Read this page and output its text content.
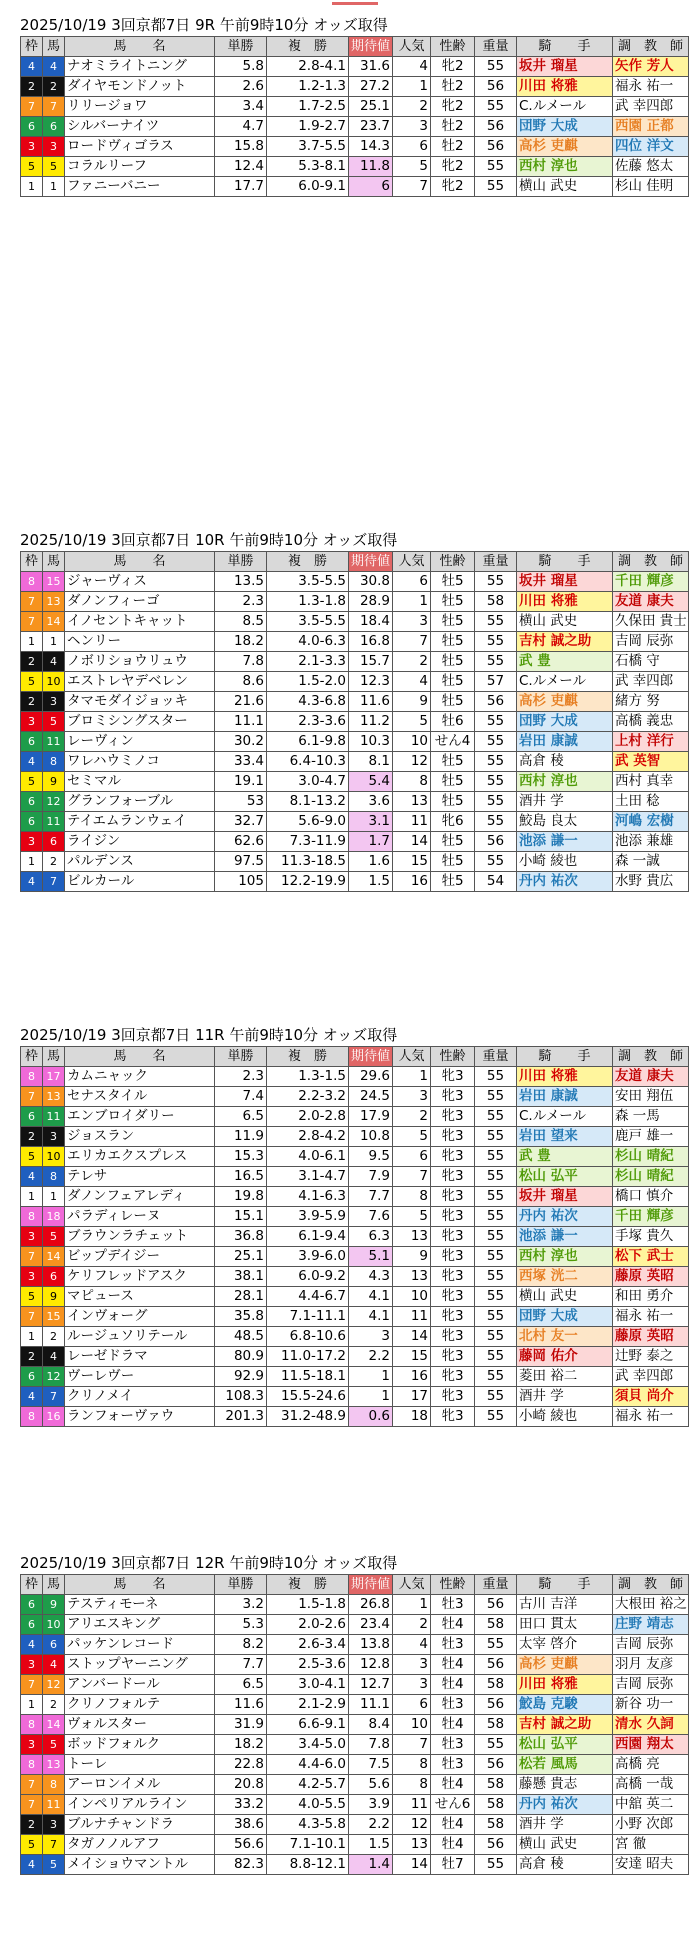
2025/10/19 3回京都7日 9R 午前9時10分 オッズ取得
枠	馬	馬　　名	単勝	複　勝	期待値	人気	性齢	重量	騎　　手	調　教　師
4	4	ナオミライトニング	5.8	2.8-4.1	31.6	4	牝2	55	坂井 瑠星	矢作 芳人
2	2	ダイヤモンドノット	2.6	1.2-1.3	27.2	1	牡2	56	川田 将雅	福永 祐一
7	7	リリージョワ	3.4	1.7-2.5	25.1	2	牝2	55	C.ルメール	武 幸四郎
6	6	シルバーナイツ	4.7	1.9-2.7	23.7	3	牡2	56	団野 大成	西園 正都
3	3	ロードヴィゴラス	15.8	3.7-5.5	14.3	6	牡2	56	高杉 吏麒	四位 洋文
5	5	コラルリーフ	12.4	5.3-8.1	11.8	5	牝2	55	西村 淳也	佐藤 悠太
1	1	ファニーバニー	17.7	6.0-9.1	6	7	牝2	55	横山 武史	杉山 佳明
2025/10/19 3回京都7日 10R 午前9時10分 オッズ取得
枠	馬	馬　　名	単勝	複　勝	期待値	人気	性齢	重量	騎　　手	調　教　師
8	15	ジャーヴィス	13.5	3.5-5.5	30.8	6	牡5	55	坂井 瑠星	千田 輝彦
7	13	ダノンフィーゴ	2.3	1.3-1.8	28.9	1	牡5	58	川田 将雅	友道 康夫
7	14	イノセントキャット	8.5	3.5-5.5	18.4	3	牡5	55	横山 武史	久保田 貴士
1	1	ヘンリー	18.2	4.0-6.3	16.8	7	牡5	55	吉村 誠之助	吉岡 辰弥
2	4	ノボリショウリュウ	7.8	2.1-3.3	15.7	2	牡5	55	武 豊	石橋 守
5	10	エストレヤデベレン	8.6	1.5-2.0	12.3	4	牡5	57	C.ルメール	武 幸四郎
2	3	タマモダイジョッキ	21.6	4.3-6.8	11.6	9	牡5	56	高杉 吏麒	緒方 努
3	5	ブロミシングスター	11.1	2.3-3.6	11.2	5	牡6	55	団野 大成	高橋 義忠
6	11	レーヴィン	30.2	6.1-9.8	10.3	10	せん4	55	岩田 康誠	上村 洋行
4	8	ワレハウミノコ	33.4	6.4-10.3	8.1	12	牡5	55	高倉 稜	武 英智
5	9	セミマル	19.1	3.0-4.7	5.4	8	牡5	55	西村 淳也	西村 真幸
6	12	グランフォーブル	53	8.1-13.2	3.6	13	牡5	55	酒井 学	土田 稔
6	11	テイエムランウェイ	32.7	5.6-9.0	3.1	11	牝6	55	鮫島 良太	河嶋 宏樹
3	6	ライジン	62.6	7.3-11.9	1.7	14	牡5	56	池添 謙一	池添 兼雄
1	2	パルデンス	97.5	11.3-18.5	1.6	15	牡5	55	小崎 綾也	森 一誠
4	7	ビルカール	105	12.2-19.9	1.5	16	牡5	54	丹内 祐次	水野 貴広
2025/10/19 3回京都7日 11R 午前9時10分 オッズ取得
枠	馬	馬　　名	単勝	複　勝	期待値	人気	性齢	重量	騎　　手	調　教　師
8	17	カムニャック	2.3	1.3-1.5	29.6	1	牝3	55	川田 将雅	友道 康夫
7	13	セナスタイル	7.4	2.2-3.2	24.5	3	牝3	55	岩田 康誠	安田 翔伍
6	11	エンブロイダリー	6.5	2.0-2.8	17.9	2	牝3	55	C.ルメール	森 一馬
2	3	ジョスラン	11.9	2.8-4.2	10.8	5	牝3	55	岩田 望来	鹿戸 雄一
5	10	エリカエクスプレス	15.3	4.0-6.1	9.5	6	牝3	55	武 豊	杉山 晴紀
4	8	テレサ	16.5	3.1-4.7	7.9	7	牝3	55	松山 弘平	杉山 晴紀
1	1	ダノンフェアレディ	19.8	4.1-6.3	7.7	8	牝3	55	坂井 瑠星	橋口 慎介
8	18	パラディレーヌ	15.1	3.9-5.9	7.6	5	牝3	55	丹内 祐次	千田 輝彦
3	5	ブラウンラチェット	36.8	6.1-9.4	6.3	13	牝3	55	池添 謙一	手塚 貴久
7	14	ビップデイジー	25.1	3.9-6.0	5.1	9	牝3	55	西村 淳也	松下 武士
3	6	ケリフレッドアスク	38.1	6.0-9.2	4.3	13	牝3	55	西塚 洸二	藤原 英昭
5	9	マピュース	28.1	4.4-6.7	4.1	10	牝3	55	横山 武史	和田 勇介
7	15	インヴォーグ	35.8	7.1-11.1	4.1	11	牝3	55	団野 大成	福永 祐一
1	2	ルージュソリテール	48.5	6.8-10.6	3	14	牝3	55	北村 友一	藤原 英昭
2	4	レーゼドラマ	80.9	11.0-17.2	2.2	15	牝3	55	藤岡 佑介	辻野 泰之
6	12	ヴーレヴー	92.9	11.5-18.1	1	16	牝3	55	菱田 裕二	武 幸四郎
4	7	クリノメイ	108.3	15.5-24.6	1	17	牝3	55	酒井 学	須貝 尚介
8	16	ランフォーヴァウ	201.3	31.2-48.9	0.6	18	牝3	55	小崎 綾也	福永 祐一
2025/10/19 3回京都7日 12R 午前9時10分 オッズ取得
枠	馬	馬　　名	単勝	複　勝	期待値	人気	性齢	重量	騎　　手	調　教　師
6	9	テスティモーネ	3.2	1.5-1.8	26.8	1	牡3	56	古川 吉洋	大根田 裕之
6	10	アリエスキング	5.3	2.0-2.6	23.4	2	牡4	58	田口 貫太	庄野 靖志
4	6	パッケンレコード	8.2	2.6-3.4	13.8	4	牡3	55	太宰 啓介	吉岡 辰弥
3	4	ストップヤーニング	7.7	2.5-3.6	12.8	3	牡4	56	高杉 吏麒	羽月 友彦
7	12	アンバードール	6.5	3.0-4.1	12.7	3	牡4	58	川田 将雅	吉岡 辰弥
1	2	クリノフォルテ	11.6	2.1-2.9	11.1	6	牡3	56	鮫島 克駿	新谷 功一
8	14	ヴォルスター	31.9	6.6-9.1	8.4	10	牡4	58	吉村 誠之助	清水 久詞
3	5	ボッドフォルク	18.2	3.4-5.0	7.8	7	牡3	55	松山 弘平	西園 翔太
8	13	トーレ	22.8	4.4-6.0	7.5	8	牡3	56	松若 風馬	高橋 亮
7	8	アーロンイメル	20.8	4.2-5.7	5.6	8	牡4	58	藤懸 貴志	高橋 一哉
7	11	インペリアルライン	33.2	4.0-5.5	3.9	11	せん6	58	丹内 祐次	中舘 英二
2	3	ブルナチャンドラ	38.6	4.3-5.8	2.2	12	牡4	58	酒井 学	小野 次郎
5	7	タガノノルアフ	56.6	7.1-10.1	1.5	13	牡4	56	横山 武史	宮 徹
4	5	メイショウマントル	82.3	8.8-12.1	1.4	14	牡7	55	高倉 稜	安達 昭夫
